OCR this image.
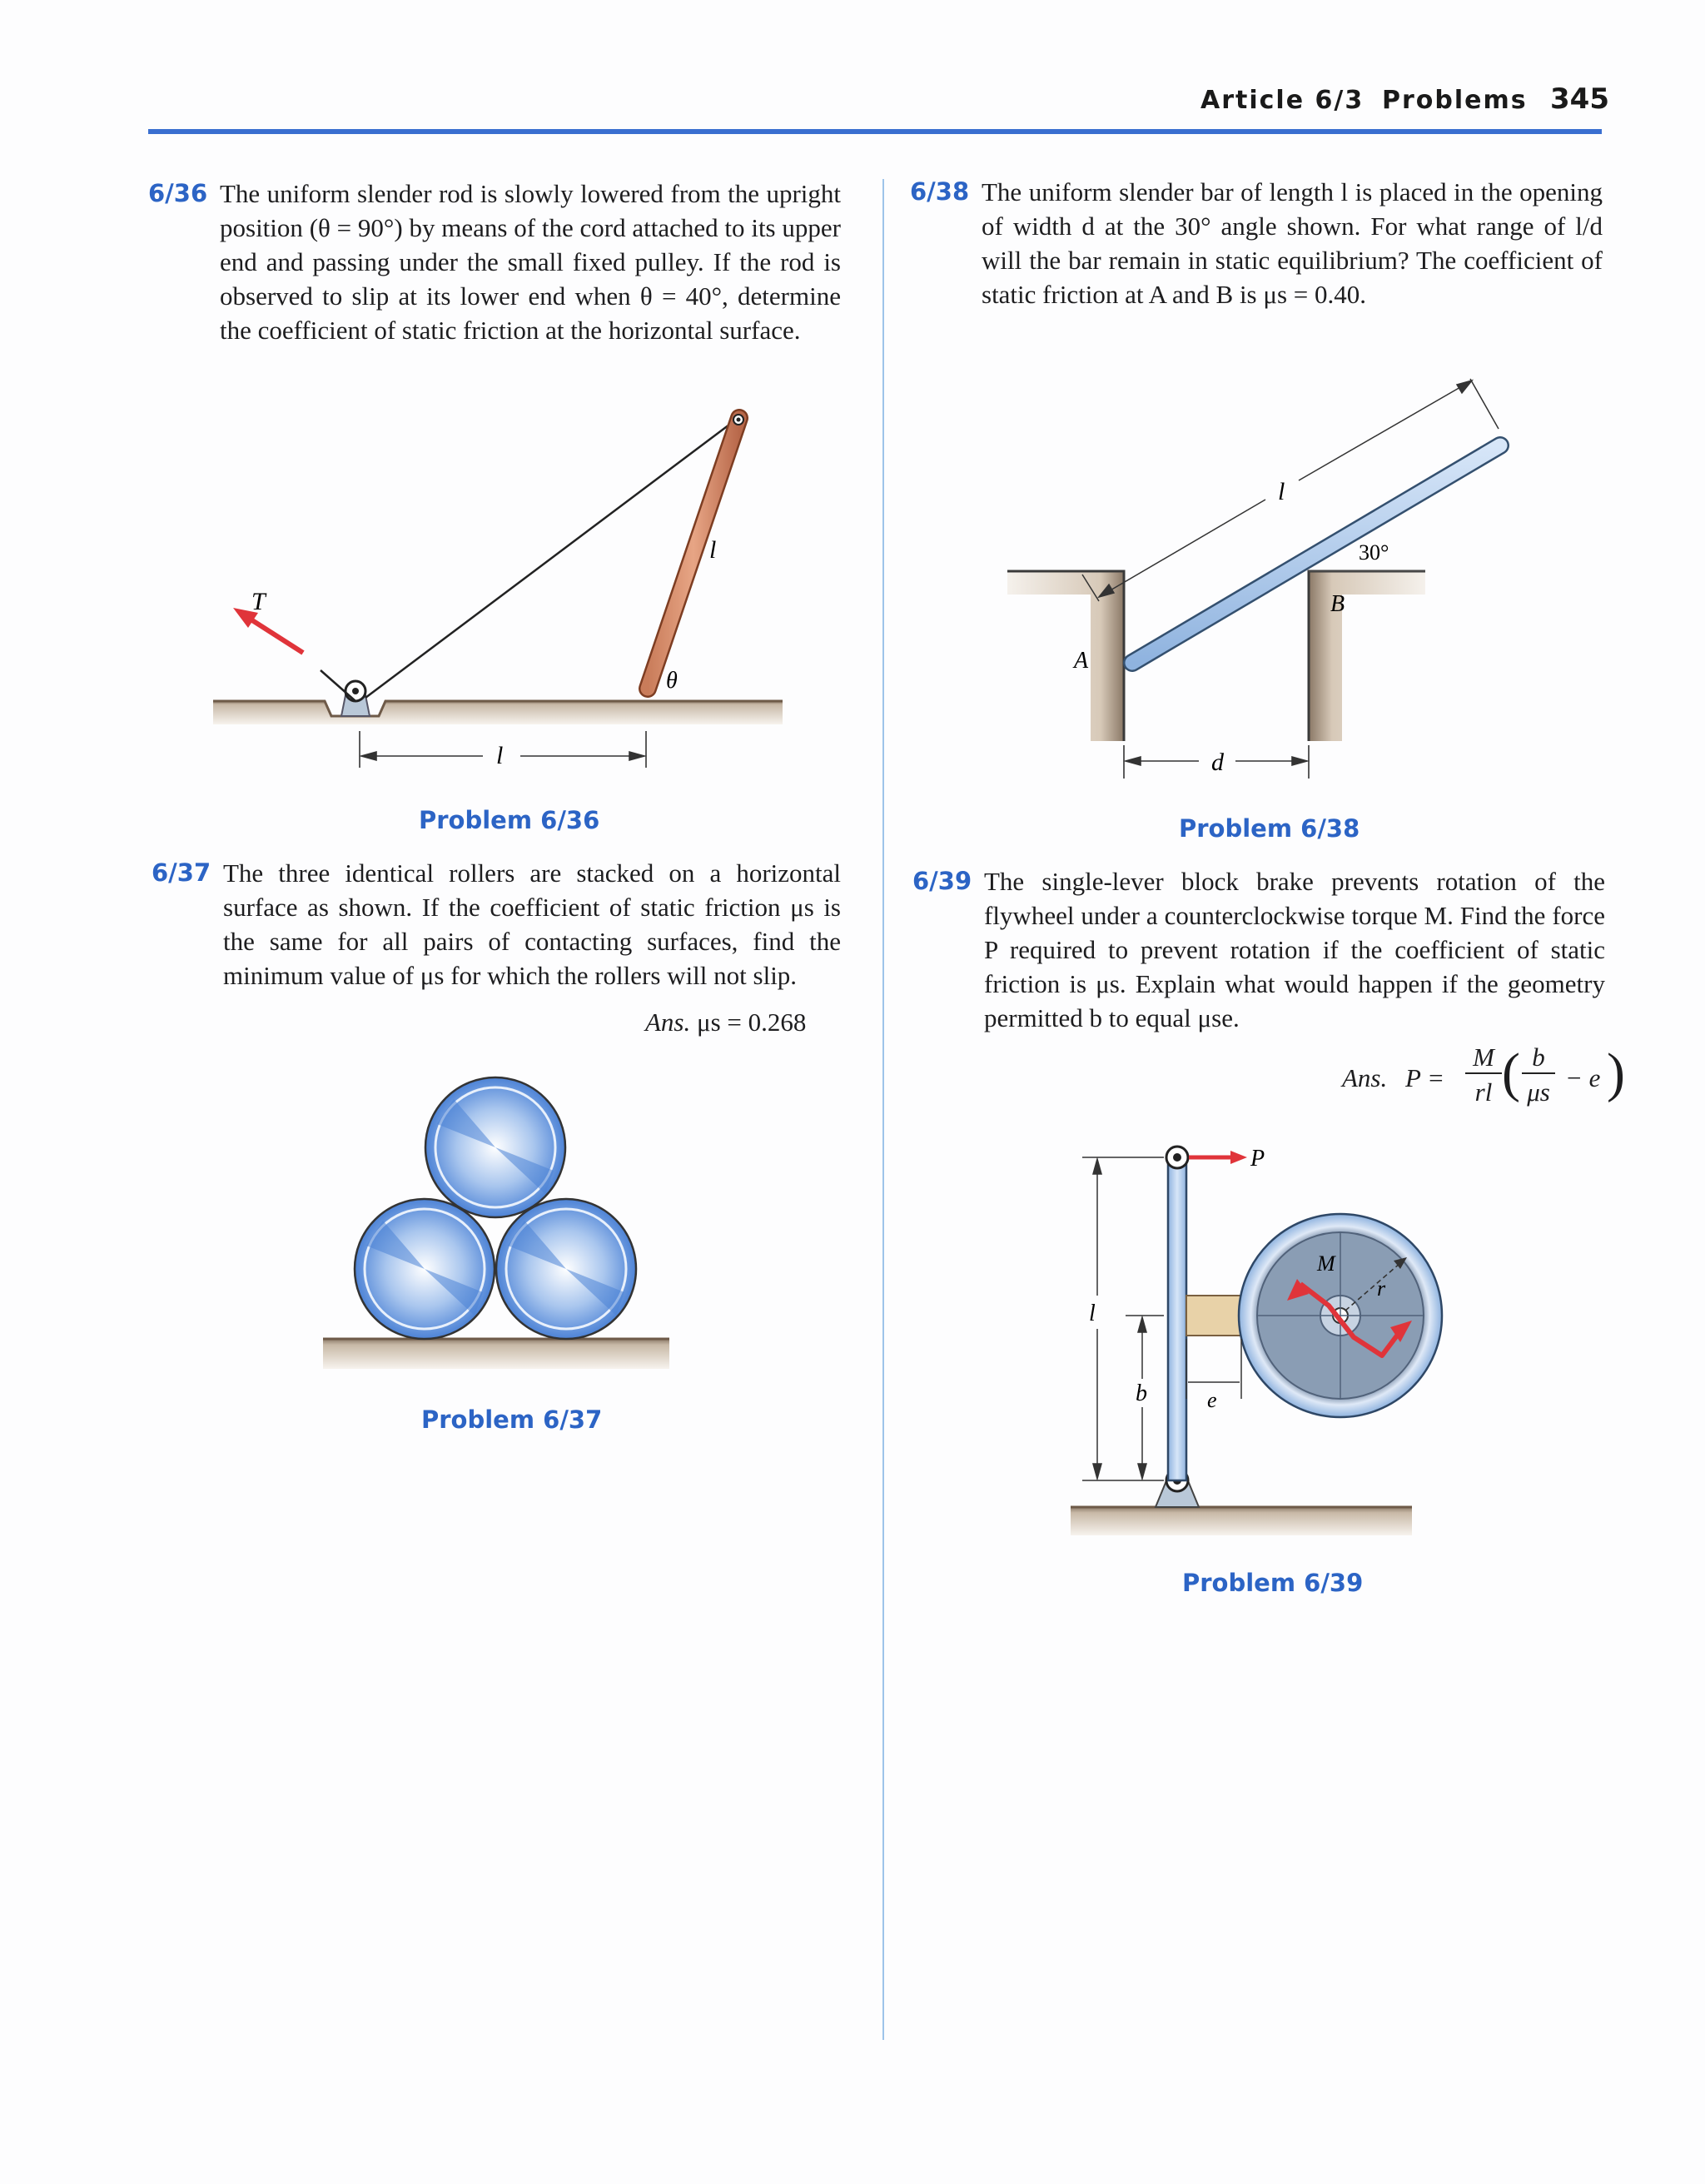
Article 6/3 Problems 345
6/36 The uniform slender rod is slowly lowered from the upright position (θ = 90°) by means of the cord attached to its upper end and passing under the small fixed pulley. If the rod is observed to slip at its lower end when θ = 40°, determine the coefficient of static friction at the horizontal surface.
T
l
θ
l
Problem 6/36
6/37 The three identical rollers are stacked on a horizontal surface as shown. If the coefficient of static friction μs is the same for all pairs of contacting surfaces, find the minimum value of μs for which the rollers will not slip.
Ans. μs = 0.268
Problem 6/37
6/38 The uniform slender bar of length l is placed in the opening of width d at the 30° angle shown. For what range of l/d will the bar remain in static equilibrium? The coefficient of static friction at A and B is μs = 0.40.
l
30°
B
A
d
Problem 6/38
6/39 The single-lever block brake prevents rotation of the flywheel under a counterclockwise torque M. Find the force P required to prevent rotation if the coefficient of static friction is μs. Explain what would happen if the geometry permitted b to equal μse.
Ans. P =
M
rl ( b
μs − e )
P
r
M
l
b	e
Problem 6/39
